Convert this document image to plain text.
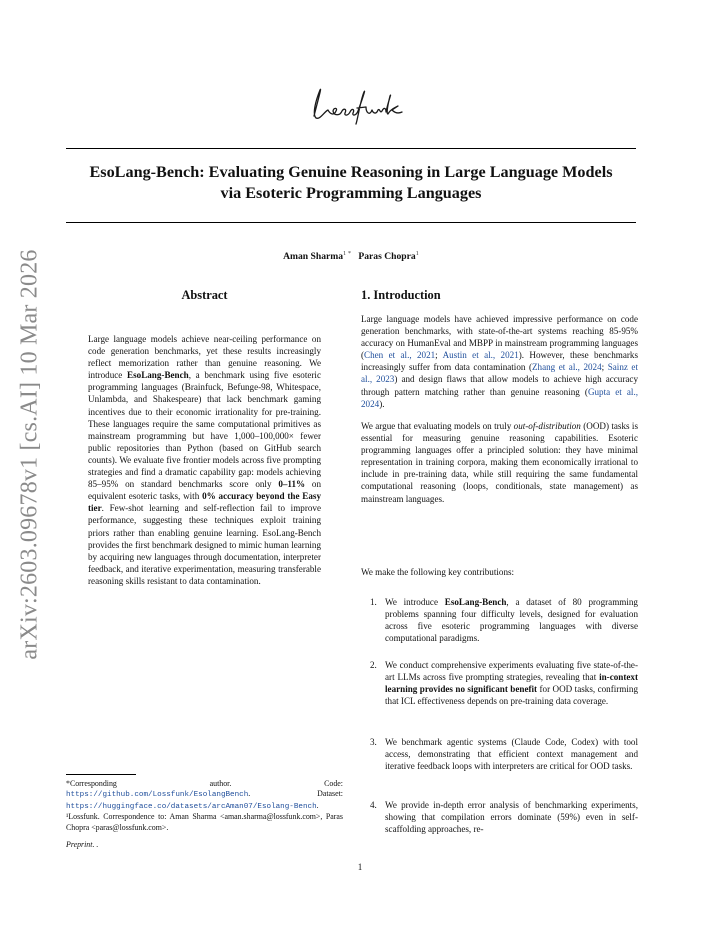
arXiv:2603.09678v1 [cs.AI] 10 Mar 2026
EsoLang-Bench: Evaluating Genuine Reasoning in Large Language Models
via Esoteric Programming Languages
Aman Sharma$^{1 *}$ Paras Chopra$^1$
Abstract
Large language models achieve near-ceiling performance on code generation benchmarks, yet these results increasingly reflect memorization rather than genuine reasoning. We introduce EsoLang-Bench, a benchmark using five esoteric programming languages (Brainfuck, Befunge-98, Whitespace, Unlambda, and Shakespeare) that lack benchmark gaming incentives due to their economic irrationality for pre-training. These languages require the same computational primitives as mainstream programming but have 1,000–100,000× fewer public repositories than Python (based on GitHub search counts). We evaluate five frontier models across five prompting strategies and find a dramatic capability gap: models achieving 85–95% on standard benchmarks score only 0–11% on equivalent esoteric tasks, with 0% accuracy beyond the Easy tier. Few-shot learning and self-reflection fail to improve performance, suggesting these techniques exploit training priors rather than enabling genuine learning. EsoLang-Bench provides the first benchmark designed to mimic human learning by acquiring new languages through documentation, interpreter feedback, and iterative experimentation, measuring transferable reasoning skills resistant to data contamination.
*Corresponding author. Code: https://github.com/Lossfunk/EsolangBench. Dataset: https://huggingface.co/datasets/arcAman07/Esolang-Bench. ¹Lossfunk. Correspondence to: Aman Sharma <aman.sharma@lossfunk.com>, Paras Chopra <paras@lossfunk.com>.
Preprint. .
1. Introduction

Large language models have achieved impressive performance on code generation benchmarks, with state-of-the-art systems reaching 85-95% accuracy on HumanEval and MBPP in mainstream programming languages (Chen et al., 2021; Austin et al., 2021). However, these benchmarks increasingly suffer from data contamination (Zhang et al., 2024; Sainz et al., 2023) and design flaws that allow models to achieve high accuracy through pattern matching rather than genuine reasoning (Gupta et al., 2024).

We argue that evaluating models on truly out-of-distribution (OOD) tasks is essential for measuring genuine reasoning capabilities. Esoteric programming languages offer a principled solution: they have minimal representation in training corpora, making them economically irrational to include in pre-training data, while still requiring the same fundamental computational reasoning (loops, conditionals, state management) as mainstream languages.

We make the following key contributions:

1. We introduce EsoLang-Bench, a dataset of 80 programming problems spanning four difficulty levels, designed for evaluation across five esoteric programming languages with diverse computational paradigms.
2. We conduct comprehensive experiments evaluating five state-of-the-art LLMs across five prompting strategies, revealing that in-context learning provides no significant benefit for OOD tasks, confirming that ICL effectiveness depends on pre-training data coverage.
3. We benchmark agentic systems (Claude Code, Codex) with tool access, demonstrating that efficient context management and iterative feedback loops with interpreters are critical for OOD tasks.
4. We provide in-depth error analysis of benchmarking experiments, showing that compilation errors dominate (59%) even in self-scaffolding approaches, re-
1
